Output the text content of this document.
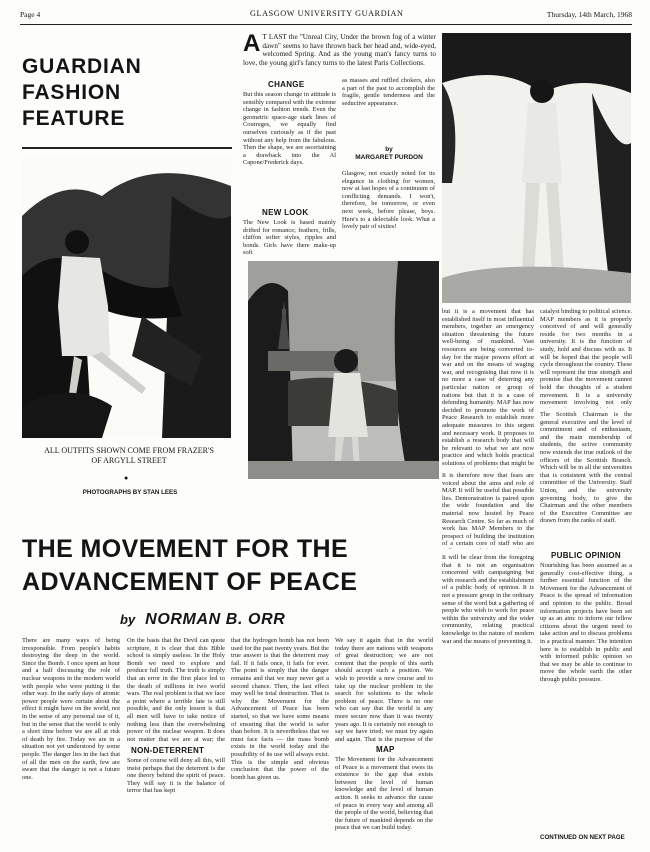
Page 4	GLASGOW UNIVERSITY GUARDIAN	Thursday, 14th March, 1968
GUARDIAN
FASHION
FEATURE
A T LAST the "Unreal City, Under the brown fog of a winter dawn" seems to have thrown back her head and, wide-eyed, welcomed Spring. And as the young man's fancy turns to love, the young girl's fancy turns to the latest Paris Collections.
CHANGE
But this season change in attitude is sensibly compared with the extreme change in fashion trends. Even the geometric space-age stark lines of Courreges, we equally find ourselves curiously as if the past without any help from the fabulous. Then the shape, we are ascertaining a drawback into the Al Capone/Frederick days.
NEW LOOK
The New Look is based mainly drifted for romance; feathers, frills, chiffon softer styles, ripples and bonds. Girls have there make-up soft
as masses and ruffled chokers, also a part of the past to accomplish the fragile, gentle tenderness and the seductive appearance.
by
MARGARET PURDON
Glasgow, not exactly noted for its elegance in clothing for women, now at last hopes of a continuum of conflicting demands. I won't, therefore, be tomorrow, or even next week, before please, boys. Here's to a delectable look. What a lovely pair of sixties!
ALL OUTFITS SHOWN COME FROM FRAZER'S OF ARGYLL STREET
●
PHOTOGRAPHS BY STAN LEES
but it is a movement that has established itself in most influential members, together an emergency situation threatening the future well-being of mankind. Vast resources are being converted to-day for the major powers effort at war and on the means of waging war, and recognising that now it is no more a case of deterring any particular nation or group of nations but that it is a case of defending humanity. MAP has now decided to promote the work of Peace Research to establish more adequate measures to this urgent and necessary work. It proposes to establish a research body that will be relevant to what we are now practice and which holds practical solutions of problems that might be
It is therefore now that fears are voiced about the aims and role of MAP. It will be useful that possible lies. Demonstration is paired upon the wide foundation and the material now hosted by Peace Research Centre. So far as much of work has MAP Members to the prospect of building the institution of a certain core of staff who are
catalyst binding to political science. MAP members as it is properly conceived of and will generally reside for two months in a university. It is the function of study, hold and discuss with us. It will be hoped that the people will cycle throughout the country. These will represent the true strength and promise that the movement cannot hold the thoughts of a student movement. It is a university movement involving not only
The Scottish Chairman is the general executive and the level of commitment and of enthusiasm, and the main membership of students, the active community now extends the true outlook of the officers of the Scottish Branch. Which will be in all the universities that is consistent with the central committee of the University. Staff Union, and the university governing body, to give the Chairman and the other members of the Executive Committee are drawn from the ranks of staff.
THE MOVEMENT FOR THE
ADVANCEMENT OF PEACE
by NORMAN B. ORR
PUBLIC OPINION
Nourishing has been assumed as a generally cost-effective thing, a further essential function of the Movement for the Advancement of Peace is the spread of information and opinion to the public. Broad information projects have been set up as an aim: to inform our fellow citizens about the urgent need to take action and to discuss problems in a practical manner. The intention here is to establish in public and with informed public opinion so that we may be able to continue to move the whole earth the other through public pressure.
There are many ways of being irresponsible. From people's habits destroying the deep in the world. Since the Bomb. I once spent an hour and a half discussing the role of nuclear weapons in the modern world with people who were putting it the other way. In the early days of atomic power people were certain about the effect it might have on the world, not in the sense of any personal use of it, but in the sense that the world is only a short time before we are all at risk of death by fire. Today we are in a situation not yet understood by some people. The danger lies in the fact that of all the men on the earth, few are aware that the danger is not a future one.
On the basis that the Devil can quote scripture, it is clear that this Bible school is simply useless. In the Holy Bomb we need to explore and produce full truth. The truth is simply that an error in the first place led to the death of millions in two world wars. The real problem is that we face a point where a terrible fate is still possible, and the only lesson is that all men will have to take notice of nothing less than the overwhelming power of the nuclear weapon. It does not matter that we are at war; the
NON-DETERRENT
Some of course will deny all this, will insist perhaps that the deterrent is the one theory behind the spirit of peace. They will say it is the balance of terror that has kept
that the hydrogen bomb has not been used for the past twenty years. But the true answer is that the deterrent may fail. If it fails once, it fails for ever. The point is simply that the danger remains and that we may never get a second chance. Then, the last effect may well be total destruction. That is why the Movement for the Advancement of Peace has been started, so that we have some means of ensuring that the world is safer than before. It is nevertheless that we must face facts — the mass bomb exists in the world today and the possibility of its use will always exist. This is the simple and obvious conclusion that the power of the bomb has given us.
We say it again that in the world today there are nations with weapons of great destruction; we are not content that the people of this earth should accept such a position. We wish to provide a new course and to take up the nuclear problem in the search for solutions to the whole problem of peace. There is no one who can say that the world is any more secure now than it was twenty years ago. It is certainly not enough to say we have tried; we must try again and again. That is the purpose of the
MAP
The Movement for the Advancement of Peace is a movement that owes its existence to the gap that exists between the level of human knowledge and the level of human action. It seeks to advance the cause of peace in every way and among all the people of the world, believing that the future of mankind depends on the peace that we can build today.
It will be clear from the foregoing that it is not an organisation concerned with campaigning but with research and the establishment of a public body of opinion. It is not a pressure group in the ordinary sense of the word but a gathering of people who wish to work for peace within the university and the wider community, relating practical knowledge to the nature of modern war and the means of preventing it.
CONTINUED ON NEXT PAGE
